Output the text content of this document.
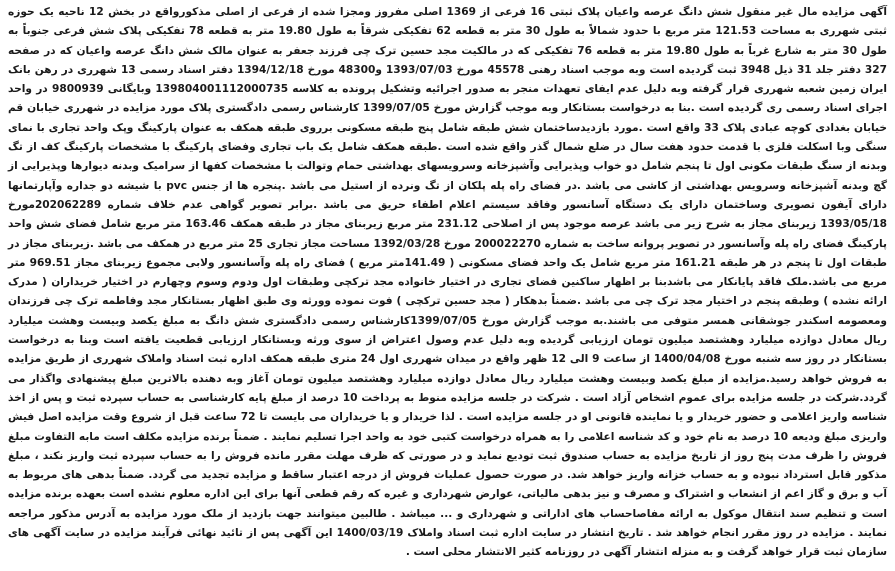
آگهی مزایده مال غیر منقول شش دانگ عرصه واعیان پلاک ثبتی 16 فرعی از 1369 اصلی مفروز ومجزا شده از فرعی از اصلی مذکورواقع در بخش 12 ناحیه یک حوزه ثبتی شهرری به مساحت 121.53 متر مربع با حدود شمالاً به طول 30 متر به قطعه 62 تفکیکی شرقاً به طول 19.80 متر به قطعه 78 تفکیکی پلاک شش فرعی جنوباً به طول 30 متر به شارع غرباً به طول 19.80 متر به قطعه 76 تفکیکی که در مالکیت مجد حسین ترک چی فرزند جعفر به عنوان مالک شش دانگ عرصه واعیان که در صفحه 327 دفتر جلد 31 ذیل 3948 ثبت گردیده است وبه موجب اسناد رهنی 45578 مورخ 1393/07/03 و48300 مورخ 1394/12/18 دفتر اسناد رسمی 13 شهرری در رهن بانک ایران زمین شعبه شهرری قرار گرفته وبه دلیل عدم ایفای تعهدات منجر به صدور اجرائیه وتشکیل پرونده به کلاسه 139804001112000735 وبایگانی 9800939 در واحد اجرای اسناد رسمی ری گردیده است .بنا به درخواست بستانکار وبه موجب گزارش مورخ 1399/07/05 کارشناس رسمی دادگستری پلاک مورد مزایده در شهرری خیابان قم خیابان بغدادی کوچه عبادی پلاک 33 واقع است .مورد بازدیدساختمان شش طبقه شامل پنج طبقه مسکونی برروی طبقه همکف به عنوان پارکینگ وپک واحد تجاری با نمای سنگی وبا اسکلت فلزی با قدمت حدود هفت سال در ضلع شمال گذر واقع شده است .طبقه همکف شامل یک باب تجاری وفضای پارکینگ با مشخصات پارکینگ کف از تگ وبدنه از سنگ طبقات مکونی اول تا پنجم شامل دو خواب وپذیرایی وآشپزخانه وسرویسهای بهداشتی حمام وتوالت با مشخصات کفها از سرامیک وبدنه دیوارها وپذیرایی از گچ وبدنه آشپزخانه وسرویس بهداشتی از کاشی می باشد .در فضای راه پله پلکان از تگ ونرده از استیل می باشد .پنجره ها از جنس pvc با شیشه دو جداره وآپارتمانها دارای آیفون تصویری وساختمان دارای یک دستگاه آسانسور وفاقد سیستم اعلام اطفاء حریق می باشد .برابر تصویر گواهی عدم خلاف شماره 202062289مورخ 1393/05/18 زیربنای مجاز به شرح زیر می باشد عرصه موجود پس از اصلاحی 231.12 متر مربع زیربنای مجاز در طبقه همکف 163.46 متر مربع شامل فضای شش واحد پارکینگ فضای راه پله وآسانسور در تصویر پروانه ساخت به شماره 200022270 مورخ 1392/03/28 مساحت مجاز تجاری 25 متر مربع در همکف می باشد .زیربنای مجاز در طبقات اول تا پنجم در هر طبقه 161.21 متر مربع شامل یک واحد فضای مسکونی ( 141.49متر مربع ) فضای راه پله وآسانسور ولابی مجموع زیربنای مجاز 969.51 متر مربع می باشد.ملک فاقد پایانکار می باشدبنا بر اظهار ساکنین فضای تجاری در اختیار خانواده مجد ترکچی وطبقات اول ودوم وسوم وچهارم در اختیار خریداران ( مدرک ارائه نشده ) وطبقه پنجم در اختیار مجد ترک چی می باشد .ضمناً بدهکار ( مجد حسین ترکچی ) فوت نموده وورثه وی طبق اظهار بستانکار مجد وفاطمه ترک چی فرزندان ومعصومه اسکندر جوشقانی همسر متوفی می باشند.به موجب گزارش مورخ 1399/07/05کارشناس رسمی دادگستری شش دانگ به مبلغ یکصد وبیست وهشت میلیارد ریال معادل دوازده میلیارد وهشتصد میلیون تومان ارزیابی گردیده وبه دلیل عدم وصول اعتراض از سوی ورثه وبستانکار ارزیابی قطعیت یافته است وبنا به درخواست بستانکار در روز سه شنبه مورخ 1400/04/08 از ساعت 9 الی 12 ظهر واقع در میدان شهرری اول 24 متری طبقه همکف اداره ثبت اسناد واملاک شهرری از طریق مزایده به فروش خواهد رسید.مزایده از مبلغ یکصد وبیست وهشت میلیارد ریال معادل دوازده میلیارد وهشتصد میلیون تومان آغاز وبه دهنده بالاترین مبلغ پیشنهادی واگذار می گردد.شرکت در جلسه مزایده برای عموم اشخاص آزاد است . شرکت در جلسه مزایده منوط به پرداخت 10 درصد از مبلغ پایه کارشناسی به حساب سپرده ثبت و پس از اخذ شناسه واریز اعلامی و حضور خریدار و یا نماینده قانونی او در جلسه مزایده است . لذا خریدار و یا خریداران می بایست تا 72 ساعت قبل از شروع وقت مزایده اصل فیش واریزی مبلغ ودیعه 10 درصد به نام خود و کد شناسه اعلامی را به همراه درخواست کتبی خود به واحد اجرا تسلیم نمایند . ضمناً برنده مزایده مکلف است مابه التفاوت مبلغ فروش را ظرف مدت پنج روز از تاریخ مزایده به حساب صندوق ثبت تودیع نماید و در صورتی که ظرف مهلت مقرر مانده فروش را به حساب سپرده ثبت واریز نکند ، مبلغ مذکور قابل استرداد نبوده و به حساب خزانه واریز خواهد شد. در صورت حصول عملیات فروش از درجه اعتبار ساقط و مزایده تجدید می گردد. ضمناً بدهی های مربوط به آب و برق و گاز اعم از انشعاب و اشتراک و مصرف و نیز بدهی مالیاتی، عوارض شهرداری و غیره که رقم قطعی آنها برای این اداره معلوم نشده است بعهده برنده مزایده است و تنظیم سند انتقال موکول به ارائه مفاصاحساب های اداراتی و شهرداری و ... میباشد . طالبین میتوانند جهت بازدید از ملک مورد مزایده به آدرس مذکور مراجعه نمایند . مزایده در روز مقرر انجام خواهد شد . تاریخ انتشار در سایت اداره ثبت اسناد واملاک 1400/03/19 این آگهی پس از تائید نهائی فرآیند مزایده در سایت آگهی های سازمان ثبت قرار خواهد گرفت و به منزله انتشار آگهی در روزنامه کثیر الانتشار محلی است .
